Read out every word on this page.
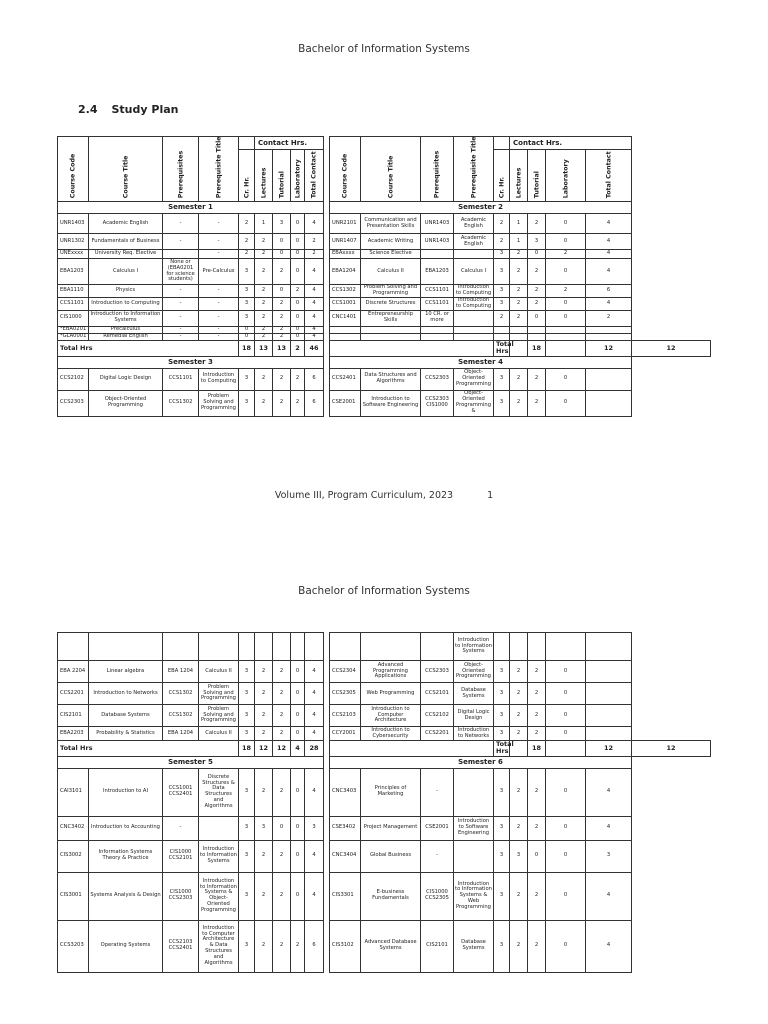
Bachelor of Information Systems
2.4 Study Plan
Course Code	Course Title	Prerequisites	Prerequisite Title		Contact Hrs.					Course Code	Course Title	Prerequisites	Prerequisite Title		Contact Hrs.				

				Cr. Hr.	Lectures	Tutorial	Laboratory	Total Contact						Cr. Hr.	Lectures	Tutorial	Laboratory	Total Contact	

Semester 1										Semester 2									
UNR1403	Academic English	-	-	2	1	3	0	4		UNR2101	Communication and Presentation Skills	UNR1403	Academic English	2	1	2	0	4	
UNR1302	Fundamentals of Business	-	-	2	2	0	0	2		UNR1407	Academic Writing	UNR1403	Academic English	2	1	3	0	4	
UNExxxx	University Req. Elective		-	2	2	0	0	2		EBAxxxx	Science Elective			3	2	0	2	4	
EBA1203	Calculus I	None or (EBA0201 for science students)	Pre-Calculus	3	2	2	0	4		EBA1204	Calculus II	EBA1203	Calculus I	3	2	2	0	4	
EBA1110	Physics	-	-	3	2	0	2	4		CCS1302	Problem Solving and Programming	CCS1101	Introduction to Computing	3	2	2	2	6	
CCS1101	Introduction to Computing	-	-	3	2	2	0	4		CCS1001	Discrete Structures	CCS1101	Introduction to Computing	3	2	2	0	4	
CIS1000	Introduction to Information Systems	-	-	3	2	2	0	4		CNC1401	Entrepreneurship Skills	10 CR. or more		2	2	0	0	2	
*EBA0201	Precalculus	-	-	0	2	2	0	4											
*GLA0001	Remedial English	-	-	0	2	2	0	4											
Total Hrs				18	13	13	2	46						Total Hrs		18		12	12
Semester 3										Semester 4									
CCS2102	Digital Logic Design	CCS1101	Introduction to Computing	3	2	2	2	6		CCS2401	Data Structures and Algorithms	CCS2303	Object-Oriented Programming	3	2	2	0		
CCS2303	Object-Oriented Programming	CCS1302	Problem Solving and Programming	3	2	2	2	6		CSE2001	Introduction to Software Engineering	CCS2303 CIS1000	Object-Oriented Programming &	3	2	2	0		
Volume III, Program Curriculum, 2023	1
Bachelor of Information Systems
													Introduction to Information Systems						
EBA 2204	Linear algebra	EBA 1204	Calculus II	3	2	2	0	4		CCS2304	Advanced Programming Applications	CCS2303	Object-Oriented Programming	3	2	2	0		
CCS2201	Introduction to Networks	CCS1302	Problem Solving and Programming	3	2	2	0	4		CCS2305	Web Programming	CCS2101	Database Systems	3	2	2	0		
CIS2101	Database Systems	CCS1302	Problem Solving and Programming	3	2	2	0	4		CCS2103	Introduction to Computer Architecture	CCS2102	Digital Logic Design	3	2	2	0		
EBA2203	Probability & Statistics	EBA 1204	Calculus II	3	2	2	0	4		CCY2001	Introduction to Cybersecurity	CCS2201	Introduction to Networks	3	2	2	0		
Total Hrs				18	12	12	4	28						Total Hrs		18		12	12
Semester 5										Semester 6									
CAI3101	Introduction to AI	CCS1001 CCS2401	Discrete Structures & Data Structures and Algorithms	3	2	2	0	4		CNC3403	Principles of Marketing	-		3	2	2	0	4	
CNC3402	Introduction to Accounting	-		3	3	0	0	3		CSE3402	Project Management	CSE2001	Introduction to Software Engineering	3	2	2	0	4	
CIS3002	Information Systems Theory & Practice	CIS1000 CCS2101	Introduction to Information Systems	3	2	2	0	4		CNC3404	Global Business	-		3	3	0	0	3	
CIS3001	Systems Analysis & Design	CIS1000 CCS2303	Introduction to Information Systems & Object-Oriented Programming	3	2	2	0	4		CIS3301	E-business Fundamentals	CIS1000 CCS2305	Introduction to Information Systems & Web Programming	3	2	2	0	4	
CCS3203	Operating Systems	CCS2103 CCS2401	Introduction to Computer Architecture & Data Structures and Algorithms	3	2	2	2	6		CIS3102	Advanced Database Systems	CIS2101	Database Systems	3	2	2	0	4	
